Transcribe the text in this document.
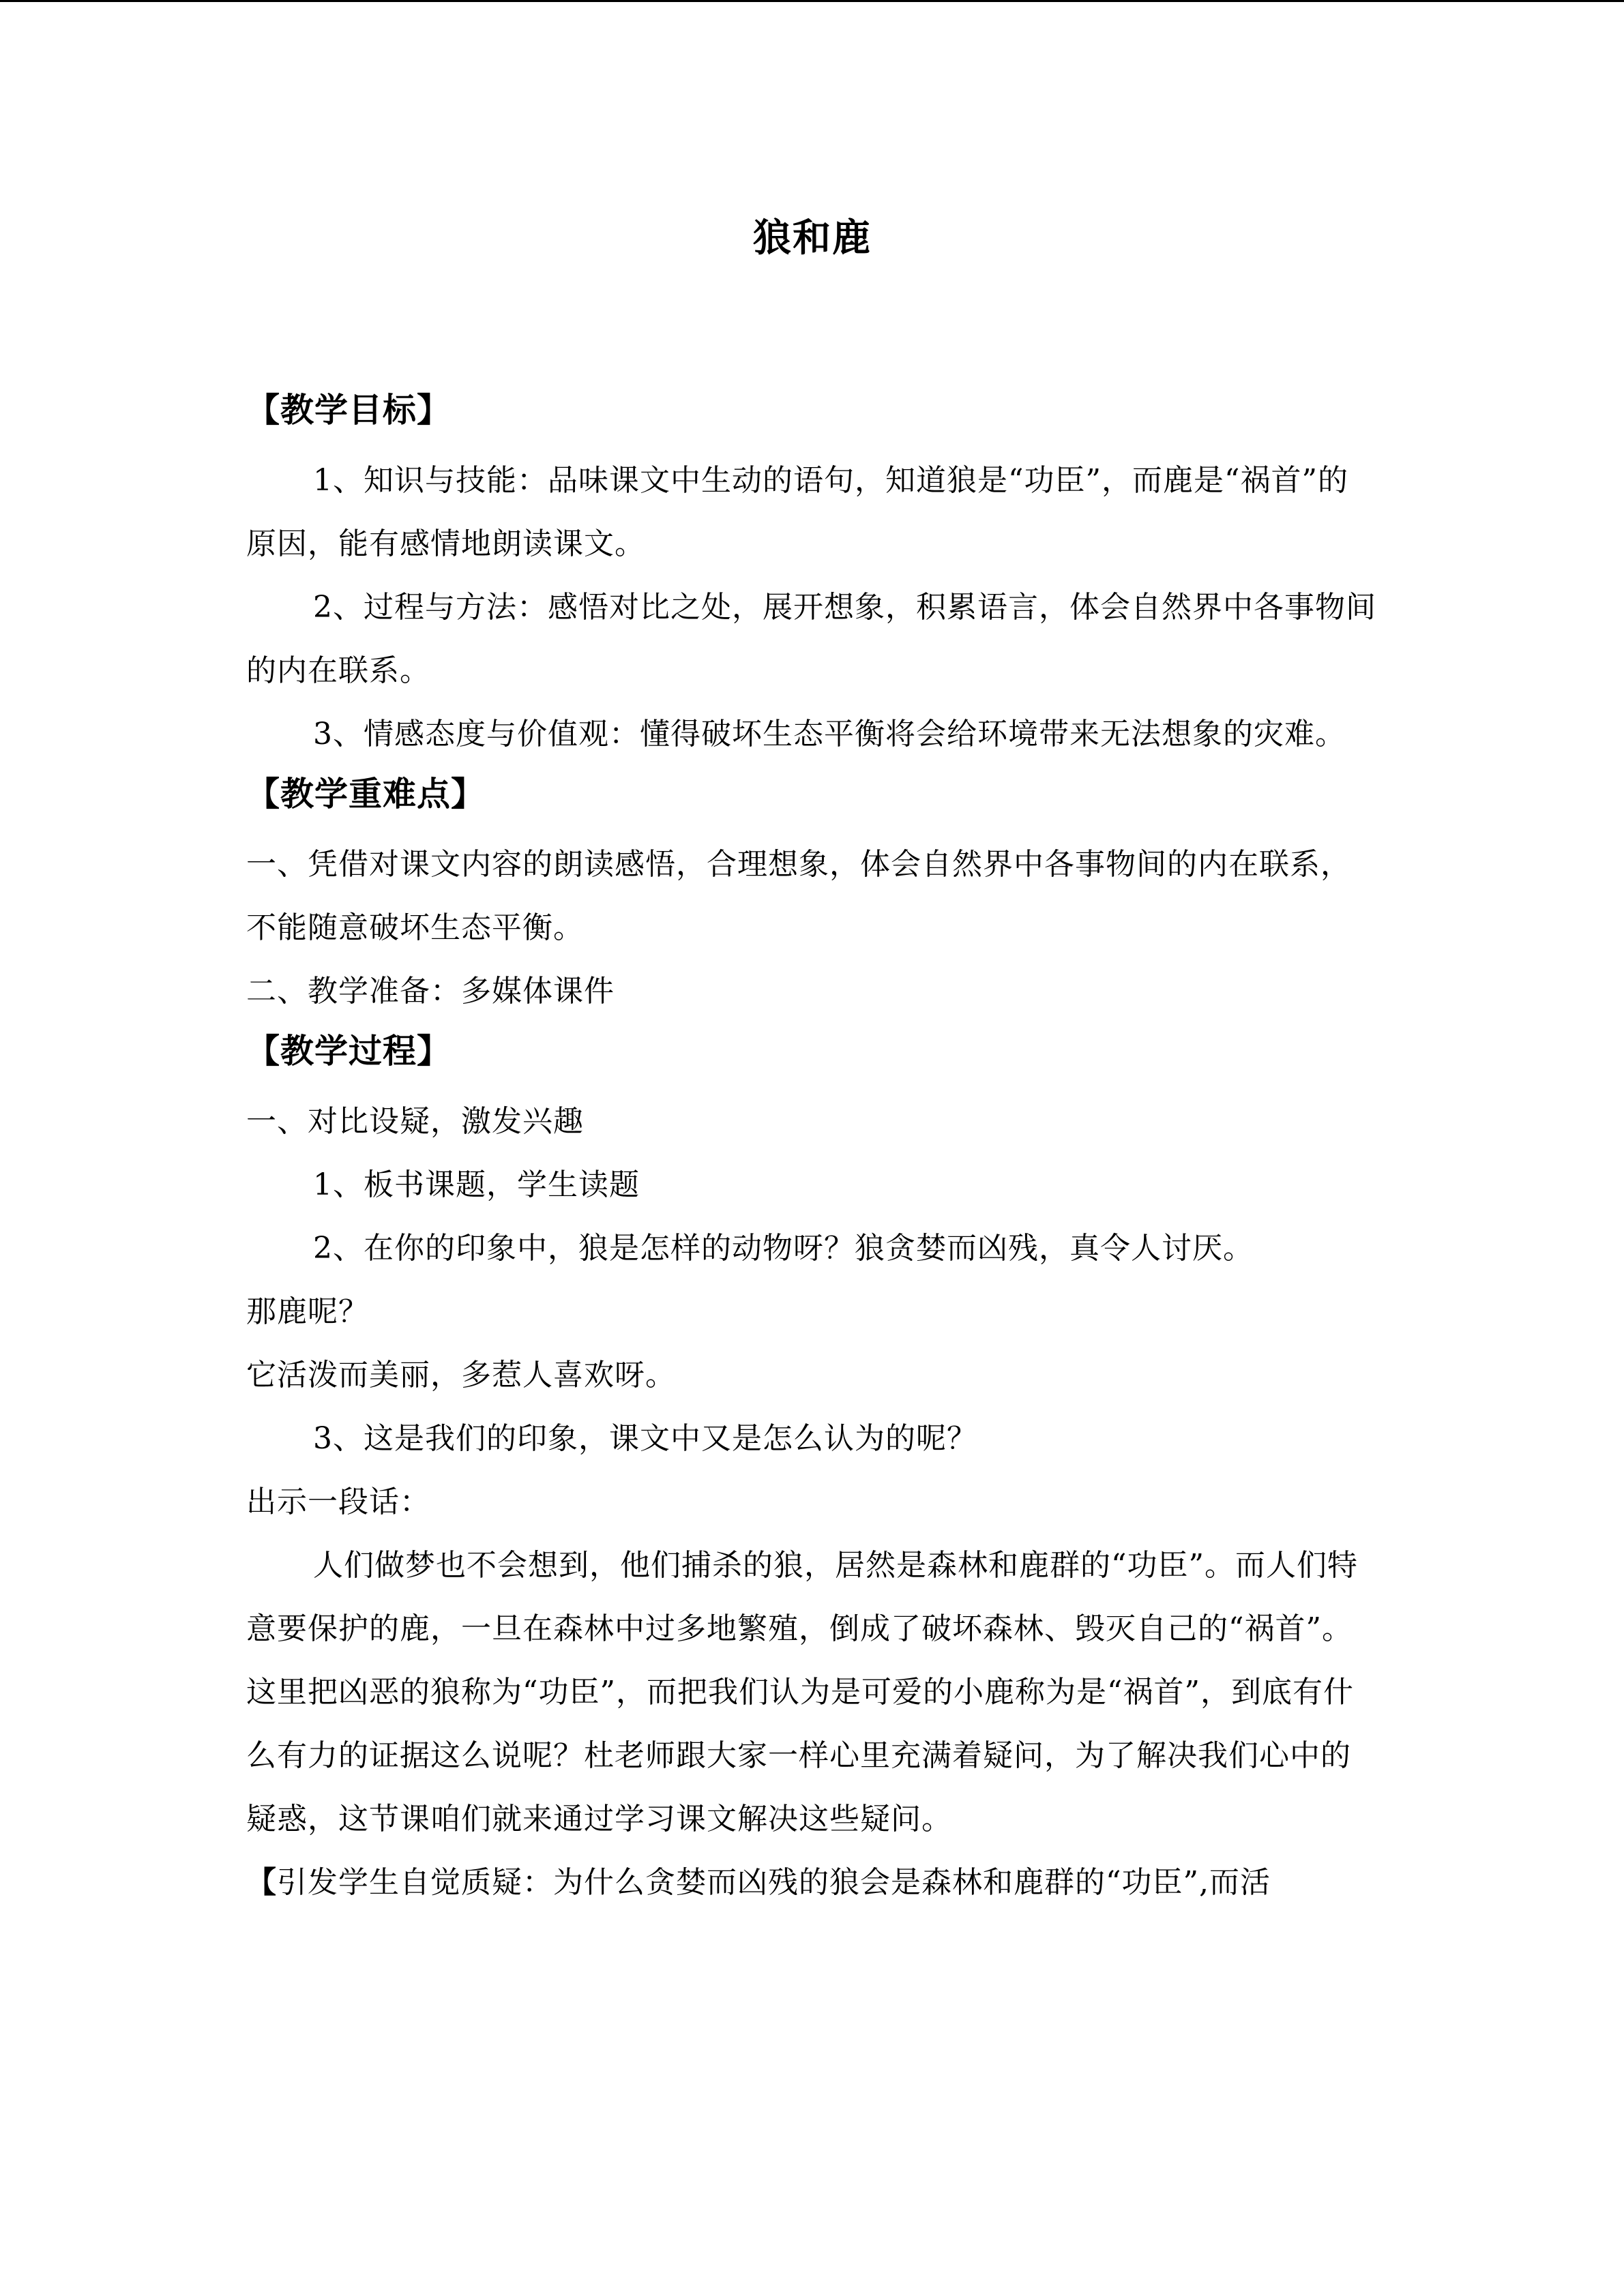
狼和鹿
【教学目标】

1、知识与技能：品味课文中生动的语句，知道狼是“功臣”，而鹿是“祸首”的原因，能有感情地朗读课文。

2、过程与方法：感悟对比之处，展开想象，积累语言，体会自然界中各事物间的内在联系。

3、情感态度与价值观：懂得破坏生态平衡将会给环境带来无法想象的灾难。

【教学重难点】

一、凭借对课文内容的朗读感悟，合理想象，体会自然界中各事物间的内在联系，不能随意破坏生态平衡。

二、教学准备：多媒体课件

【教学过程】

一、对比设疑，激发兴趣

1、板书课题，学生读题

2、在你的印象中，狼是怎样的动物呀？狼贪婪而凶残，真令人讨厌。

那鹿呢？

它活泼而美丽，多惹人喜欢呀。

3、这是我们的印象，课文中又是怎么认为的呢？

出示一段话：

人们做梦也不会想到，他们捕杀的狼，居然是森林和鹿群的“功臣”。而人们特意要保护的鹿，一旦在森林中过多地繁殖，倒成了破坏森林、毁灭自己的“祸首”。

这里把凶恶的狼称为“功臣”，而把我们认为是可爱的小鹿称为是“祸首”，到底有什么有力的证据这么说呢？杜老师跟大家一样心里充满着疑问，为了解决我们心中的疑惑，这节课咱们就来通过学习课文解决这些疑问。

【引发学生自觉质疑：为什么贪婪而凶残的狼会是森林和鹿群的“功臣”,而活
